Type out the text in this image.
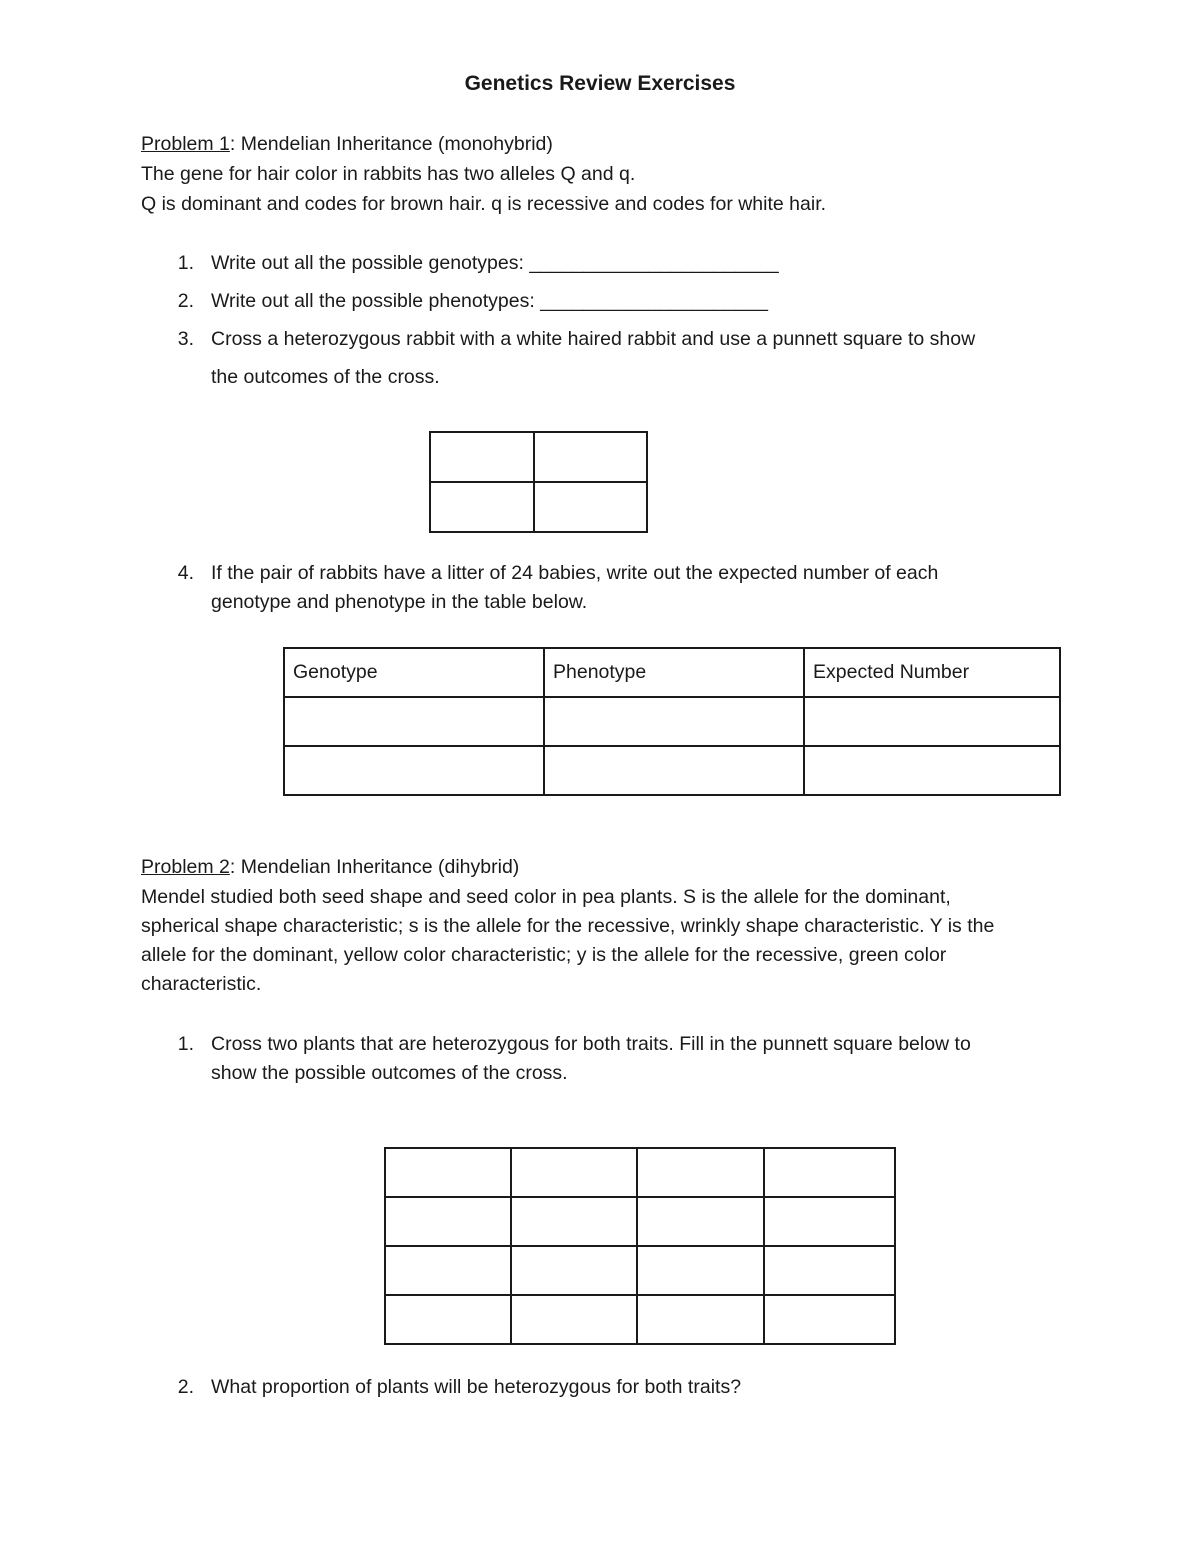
Genetics Review Exercises
Problem 1: Mendelian Inheritance (monohybrid)
The gene for hair color in rabbits has two alleles Q and q.
Q is dominant and codes for brown hair. q is recessive and codes for white hair.
1. Write out all the possible genotypes: _______________________
2. Write out all the possible phenotypes: _____________________
3. Cross a heterozygous rabbit with a white haired rabbit and use a punnett square to show
the outcomes of the cross.

4. If the pair of rabbits have a litter of 24 babies, write out the expected number of each
genotype and phenotype in the table below.
Genotype	Phenotype	Expected Number

Problem 2: Mendelian Inheritance (dihybrid)
Mendel studied both seed shape and seed color in pea plants. S is the allele for the dominant,
spherical shape characteristic; s is the allele for the recessive, wrinkly shape characteristic. Y is the
allele for the dominant, yellow color characteristic; y is the allele for the recessive, green color
characteristic.
1. Cross two plants that are heterozygous for both traits. Fill in the punnett square below to
show the possible outcomes of the cross.

2. What proportion of plants will be heterozygous for both traits?
